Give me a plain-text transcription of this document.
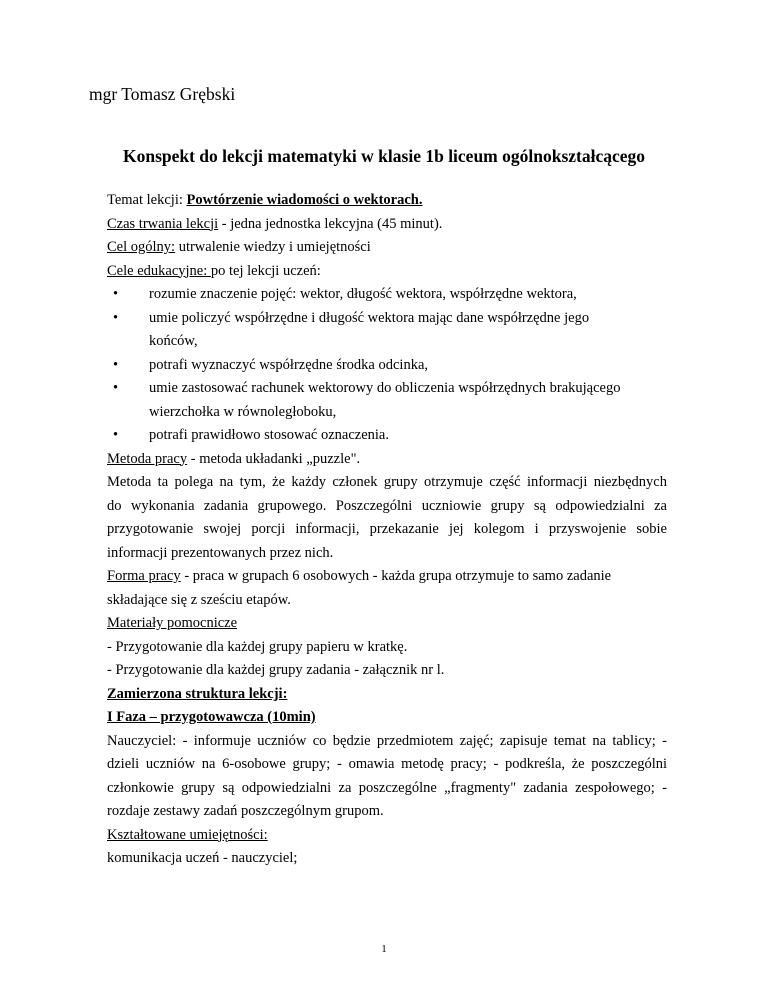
mgr Tomasz Grębski
Konspekt do lekcji matematyki w klasie 1b liceum ogólnokształcącego

Temat lekcji: Powtórzenie wiadomości o wektorach.

Czas trwania lekcji - jedna jednostka lekcyjna (45 minut).

Cel ogólny: utrwalenie wiedzy i umiejętności

Cele edukacyjne: po tej lekcji uczeń:

• rozumie znaczenie pojęć: wektor, długość wektora, współrzędne wektora,
• umie policzyć współrzędne i długość wektora mając dane współrzędne jego
końców,
• potrafi wyznaczyć współrzędne środka odcinka,
• umie zastosować rachunek wektorowy do obliczenia współrzędnych brakującego
wierzchołka w równoległoboku,
• potrafi prawidłowo stosować oznaczenia.

Metoda pracy - metoda układanki „puzzle".

Metoda ta polega na tym, że każdy członek grupy otrzymuje część informacji niezbędnych

do wykonania zadania grupowego. Poszczególni uczniowie grupy są odpowiedzialni za

przygotowanie swojej porcji informacji, przekazanie jej kolegom i przyswojenie sobie

informacji prezentowanych przez nich.

Forma pracy - praca w grupach 6 osobowych - każda grupa otrzymuje to samo zadanie

składające się z sześciu etapów.

Materiały pomocnicze

- Przygotowanie dla każdej grupy papieru w kratkę.

- Przygotowanie dla każdej grupy zadania - załącznik nr l.

Zamierzona struktura lekcji:

I Faza – przygotowawcza (10min)

Nauczyciel: - informuje uczniów co będzie przedmiotem zajęć; zapisuje temat na tablicy; -

dzieli uczniów na 6-osobowe grupy; - omawia metodę pracy; - podkreśla, że poszczególni

członkowie grupy są odpowiedzialni za poszczególne „fragmenty" zadania zespołowego; -

rozdaje zestawy zadań poszczególnym grupom.

Kształtowane umiejętności:

komunikacja uczeń - nauczyciel;

1
